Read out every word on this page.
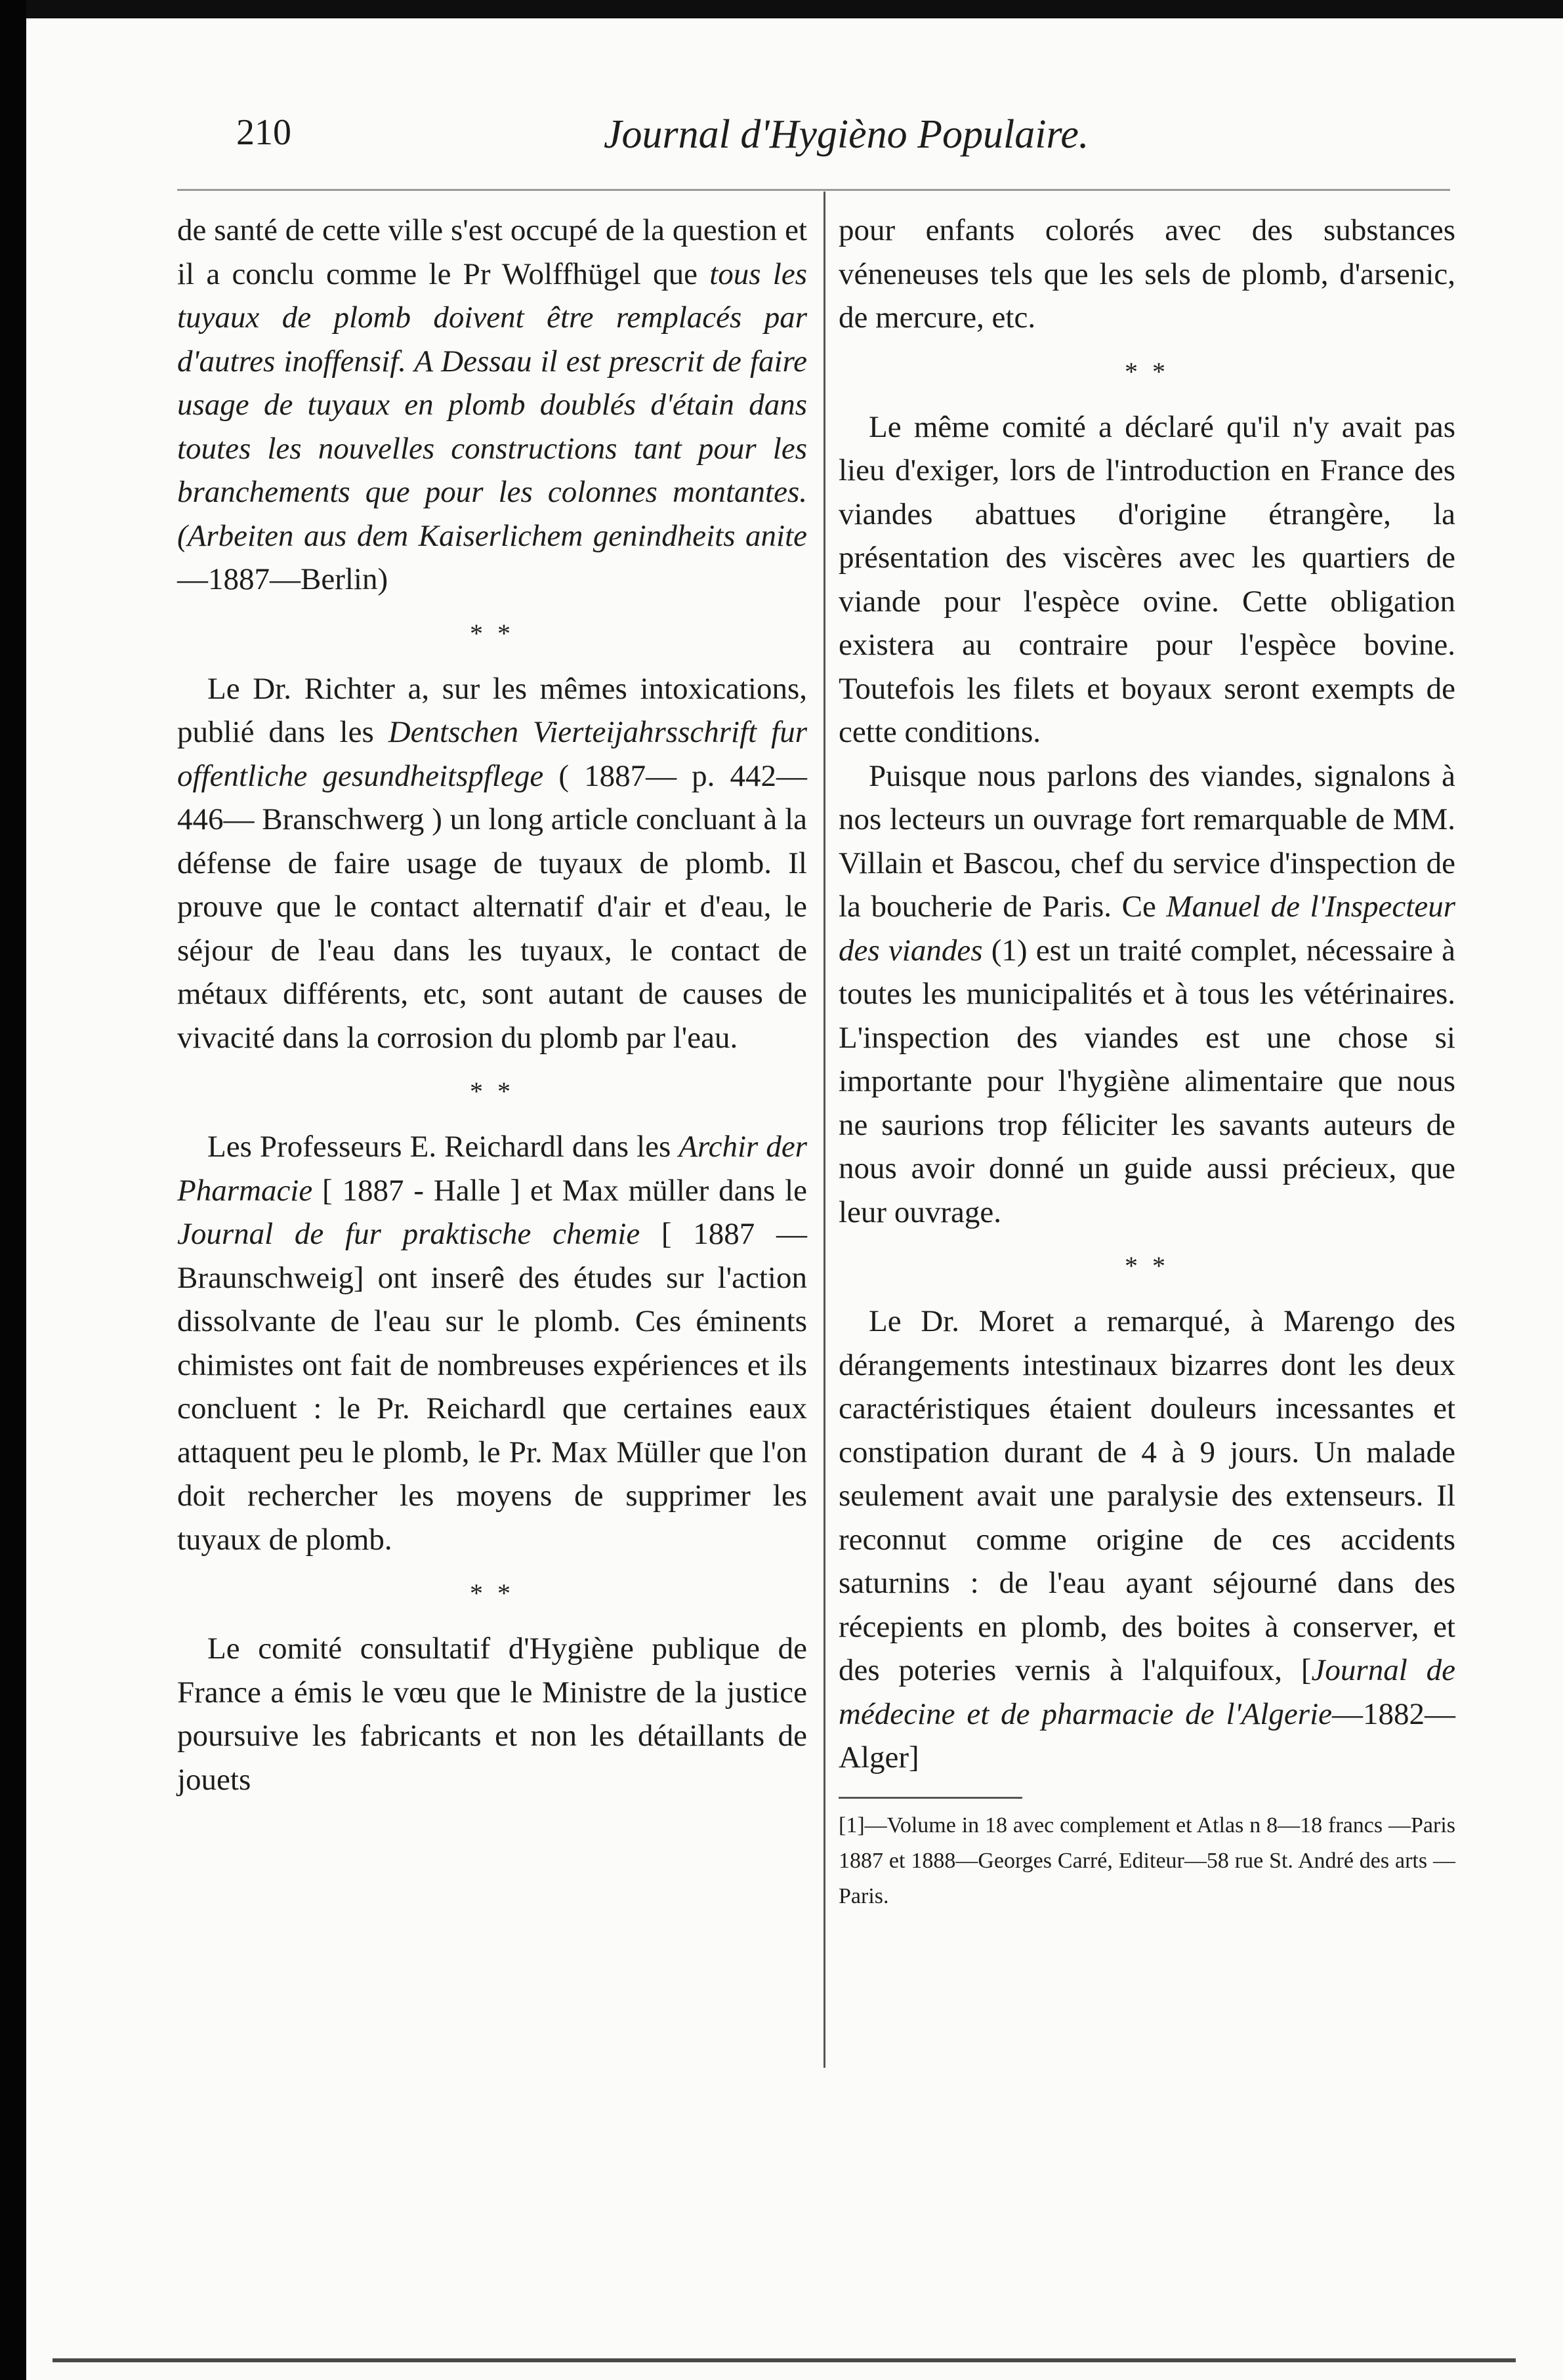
210	Journal d'Hygièno Populaire.

de santé de cette ville s'est occupé de la question et il a conclu comme le Pr Wolffhügel que tous les tuyaux de plomb doivent être remplacés par d'autres inoffensif. A Dessau il est prescrit de faire usage de tuyaux en plomb doublés d'étain dans toutes les nouvelles constructions tant pour les branchements que pour les colonnes montantes. (Arbeiten aus dem Kaiserlichem genindheits anite—1887—Berlin)

* *

Le Dr. Richter a, sur les mêmes intoxications, publié dans les Dentschen Vierteijahrsschrift fur offentliche gesundheitspflege ( 1887— p. 442—446— Branschwerg ) un long article concluant à la défense de faire usage de tuyaux de plomb. Il prouve que le contact alternatif d'air et d'eau, le séjour de l'eau dans les tuyaux, le contact de métaux différents, etc, sont autant de causes de vivacité dans la corrosion du plomb par l'eau.

* *

Les Professeurs E. Reichardl dans les Archir der Pharmacie [ 1887 - Halle ] et Max müller dans le Journal de fur praktische chemie [ 1887 —Braunschweig] ont inserê des études sur l'action dissolvante de l'eau sur le plomb. Ces éminents chimistes ont fait de nombreuses expériences et ils concluent : le Pr. Reichardl que certaines eaux attaquent peu le plomb, le Pr. Max Müller que l'on doit rechercher les moyens de supprimer les tuyaux de plomb.

* *

Le comité consultatif d'Hygiène publique de France a émis le vœu que le Ministre de la justice poursuive les fabricants et non les détaillants de jouets

pour enfants colorés avec des substances véneneuses tels que les sels de plomb, d'arsenic, de mercure, etc.

* *

Le même comité a déclaré qu'il n'y avait pas lieu d'exiger, lors de l'introduction en France des viandes abattues d'origine étrangère, la présentation des viscères avec les quartiers de viande pour l'espèce ovine. Cette obligation existera au contraire pour l'espèce bovine. Toutefois les filets et boyaux seront exempts de cette conditions.

Puisque nous parlons des viandes, signalons à nos lecteurs un ouvrage fort remarquable de MM. Villain et Bascou, chef du service d'inspection de la boucherie de Paris. Ce Manuel de l'Inspecteur des viandes (1) est un traité complet, nécessaire à toutes les municipalités et à tous les vétérinaires. L'inspection des viandes est une chose si importante pour l'hygiène alimentaire que nous ne saurions trop féliciter les savants auteurs de nous avoir donné un guide aussi précieux, que leur ouvrage.

* *

Le Dr. Moret a remarqué, à Marengo des dérangements intestinaux bizarres dont les deux caractéristiques étaient douleurs incessantes et constipation durant de 4 à 9 jours. Un malade seulement avait une paralysie des extenseurs. Il reconnut comme origine de ces accidents saturnins : de l'eau ayant séjourné dans des récepients en plomb, des boites à conserver, et des poteries vernis à l'alquifoux, [Journal de médecine et de pharmacie de l'Algerie—1882—Alger]

[1]—Volume in 18 avec complement et Atlas n 8—18 francs —Paris 1887 et 1888—Georges Carré, Editeur—58 rue St. André des arts — Paris.
